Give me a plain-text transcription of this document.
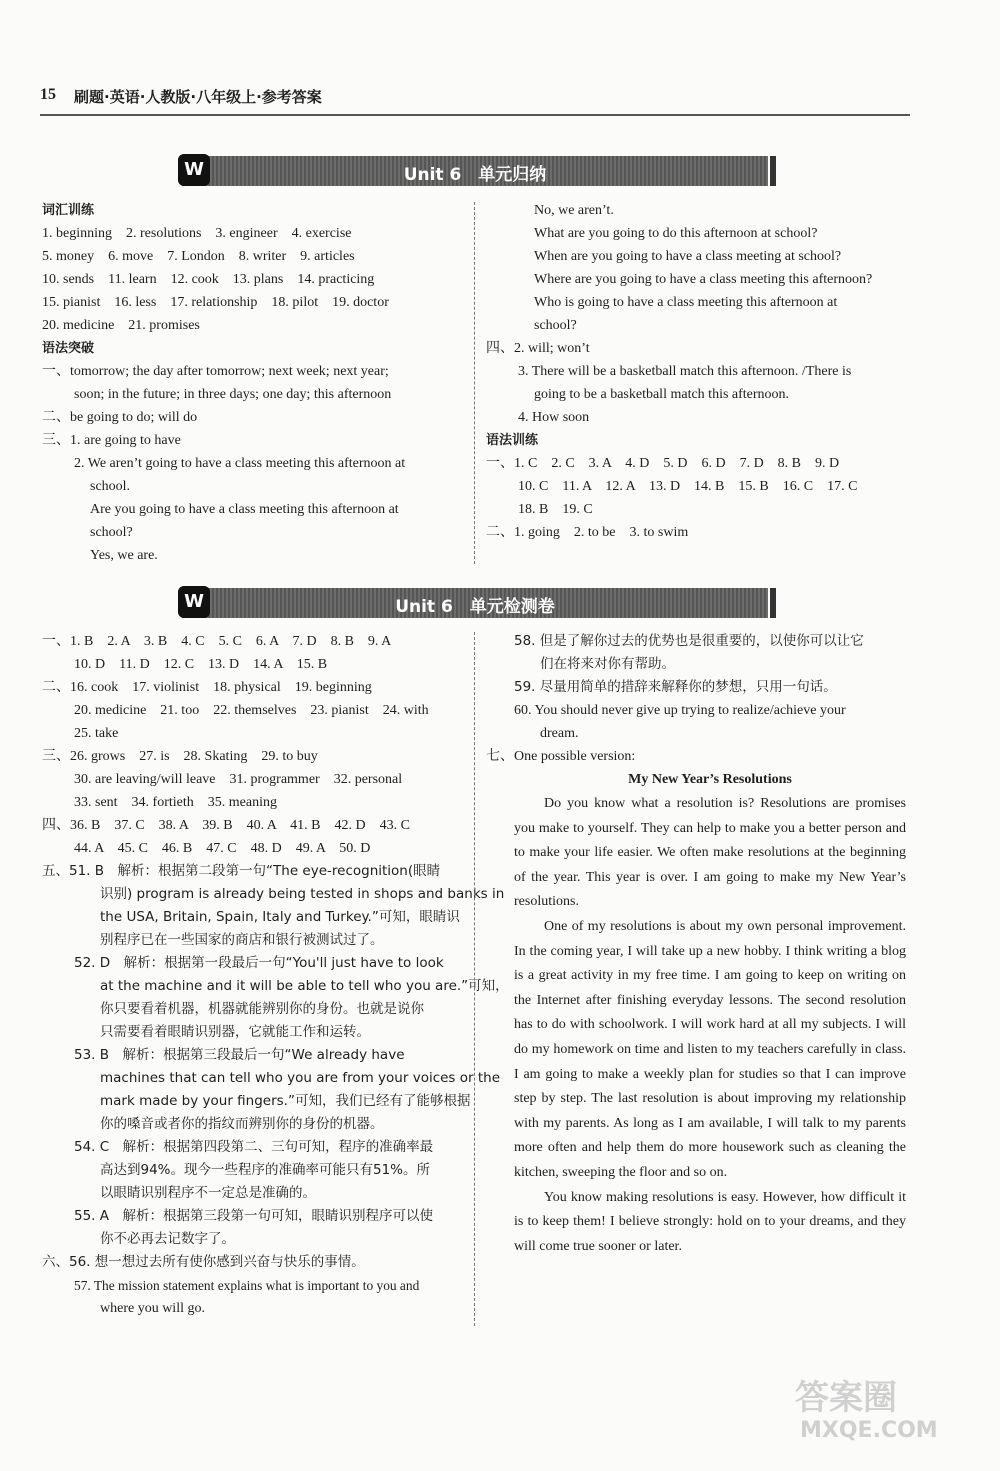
15 刷题·英语·人教版·八年级上·参考答案
W	Unit 6　单元归纳
词汇训练
1. beginning　2. resolutions　3. engineer　4. exercise
5. money　6. move　7. London　8. writer　9. articles
10. sends　11. learn　12. cook　13. plans　14. practicing
15. pianist　16. less　17. relationship　18. pilot　19. doctor
20. medicine　21. promises
语法突破
一、tomorrow; the day after tomorrow; next week; next year;
soon; in the future; in three days; one day; this afternoon
二、be going to do; will do
三、1. are going to have
2. We aren’t going to have a class meeting this afternoon at
school.
Are you going to have a class meeting this afternoon at
school?
Yes, we are.
No, we aren’t.
What are you going to do this afternoon at school?
When are you going to have a class meeting at school?
Where are you going to have a class meeting this afternoon?
Who is going to have a class meeting this afternoon at
school?
四、2. will; won’t
3. There will be a basketball match this afternoon. /There is
going to be a basketball match this afternoon.
4. How soon
语法训练
一、1. C　2. C　3. A　4. D　5. D　6. D　7. D　8. B　9. D
10. C　11. A　12. A　13. D　14. B　15. B　16. C　17. C
18. B　19. C
二、1. going　2. to be　3. to swim
W	Unit 6　单元检测卷
一、1. B　2. A　3. B　4. C　5. C　6. A　7. D　8. B　9. A
10. D　11. D　12. C　13. D　14. A　15. B
二、16. cook　17. violinist　18. physical　19. beginning
20. medicine　21. too　22. themselves　23. pianist　24. with
25. take
三、26. grows　27. is　28. Skating　29. to buy
30. are leaving/will leave　31. programmer　32. personal
33. sent　34. fortieth　35. meaning
四、36. B　37. C　38. A　39. B　40. A　41. B　42. D　43. C
44. A　45. C　46. B　47. C　48. D　49. A　50. D
五、51. B　解析：根据第二段第一句“The eye-recognition(眼睛
识别) program is already being tested in shops and banks in
the USA, Britain, Spain, Italy and Turkey.”可知，眼睛识
别程序已在一些国家的商店和银行被测试过了。
52. D　解析：根据第一段最后一句“You'll just have to look
at the machine and it will be able to tell who you are.”可知，
你只要看着机器，机器就能辨别你的身份。也就是说你
只需要看着眼睛识别器，它就能工作和运转。
53. B　解析：根据第三段最后一句“We already have
machines that can tell who you are from your voices or the
mark made by your fingers.”可知，我们已经有了能够根据
你的嗓音或者你的指纹而辨别你的身份的机器。
54. C　解析：根据第四段第二、三句可知，程序的准确率最
高达到94%。现今一些程序的准确率可能只有51%。所
以眼睛识别程序不一定总是准确的。
55. A　解析：根据第三段第一句可知，眼睛识别程序可以使
你不必再去记数字了。
六、56. 想一想过去所有使你感到兴奋与快乐的事情。
57. The mission statement explains what is important to you and
where you will go.
58. 但是了解你过去的优势也是很重要的，以使你可以让它
们在将来对你有帮助。
59. 尽量用简单的措辞来解释你的梦想，只用一句话。
60. You should never give up trying to realize/achieve your
dream.
七、One possible version:
My New Year’s Resolutions

Do you know what a resolution is? Resolutions are promises you make to yourself. They can help to make you a better person and to make your life easier. We often make resolutions at the beginning of the year. This year is over. I am going to make my New Year’s resolutions.

One of my resolutions is about my own personal improvement. In the coming year, I will take up a new hobby. I think writing a blog is a great activity in my free time. I am going to keep on writing on the Internet after finishing everyday lessons. The second resolution has to do with schoolwork. I will work hard at all my subjects. I will do my homework on time and listen to my teachers carefully in class. I am going to make a weekly plan for studies so that I can improve step by step. The last resolution is about improving my relationship with my parents. As long as I am available, I will talk to my parents more often and help them do more housework such as cleaning the kitchen, sweeping the floor and so on.

You know making resolutions is easy. However, how difficult it is to keep them! I believe strongly: hold on to your dreams, and they will come true sooner or later.

答案圈
MXQE.COM
